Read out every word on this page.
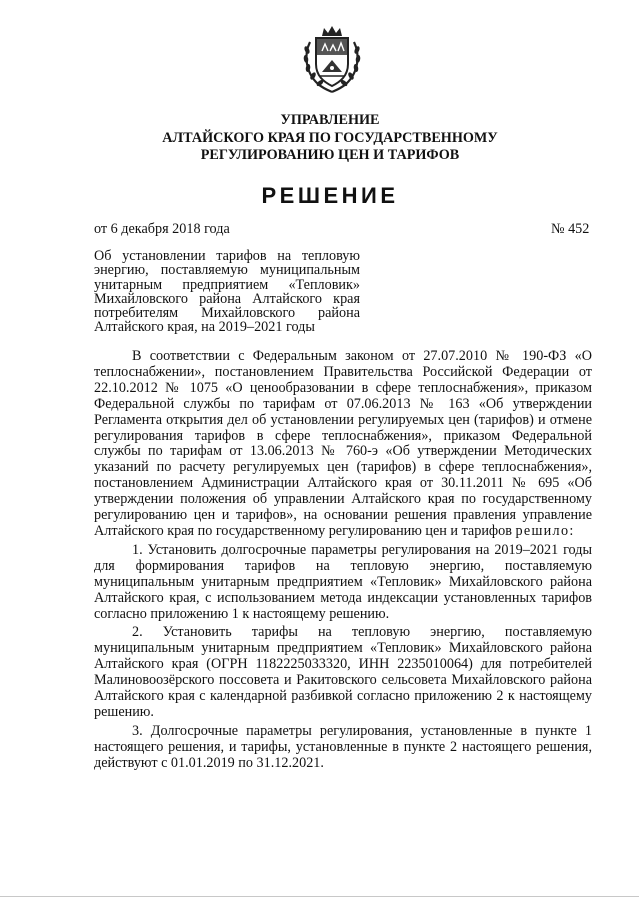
УПРАВЛЕНИЕ
АЛТАЙСКОГО КРАЯ ПО ГОСУДАРСТВЕННОМУ
РЕГУЛИРОВАНИЮ ЦЕН И ТАРИФОВ
РЕШЕНИЕ
от 6 декабря 2018 года	№ 452
Об установлении тарифов на тепловую
энергию, поставляемую муниципальным
унитарным предприятием «Тепловик»
Михайловского района Алтайского края
потребителям Михайловского района
Алтайского края, на 2019–2021 годы

В соответствии с Федеральным законом от 27.07.2010 № 190-ФЗ «О теплоснабжении», постановлением Правительства Российской Федерации от 22.10.2012 № 1075 «О ценообразовании в сфере теплоснабжения», приказом Федеральной службы по тарифам от 07.06.2013 № 163 «Об утверждении Регламента открытия дел об установлении регулируемых цен (тарифов) и отмене регулирования тарифов в сфере теплоснабжения», приказом Федеральной службы по тарифам от 13.06.2013 № 760-э «Об утверждении Методических указаний по расчету регулируемых цен (тарифов) в сфере теплоснабжения», постановлением Администрации Алтайского края от 30.11.2011 № 695 «Об утверждении положения об управлении Алтайского края по государственному регулированию цен и тарифов», на основании решения правления управление Алтайского края по государственному регулированию цен и тарифов решило:

1. Установить долгосрочные параметры регулирования на 2019–2021 годы для формирования тарифов на тепловую энергию, поставляемую муниципальным унитарным предприятием «Тепловик» Михайловского района Алтайского края, с использованием метода индексации установленных тарифов согласно приложению 1 к настоящему решению.

2. Установить тарифы на тепловую энергию, поставляемую муниципальным унитарным предприятием «Тепловик» Михайловского района Алтайского края (ОГРН 1182225033320, ИНН 2235010064) для потребителей Малиновоозёрского поссовета и Ракитовского сельсовета Михайловского района Алтайского края с календарной разбивкой согласно приложению 2 к настоящему решению.

3. Долгосрочные параметры регулирования, установленные в пункте 1 настоящего решения, и тарифы, установленные в пункте 2 настоящего решения, действуют с 01.01.2019 по 31.12.2021.
